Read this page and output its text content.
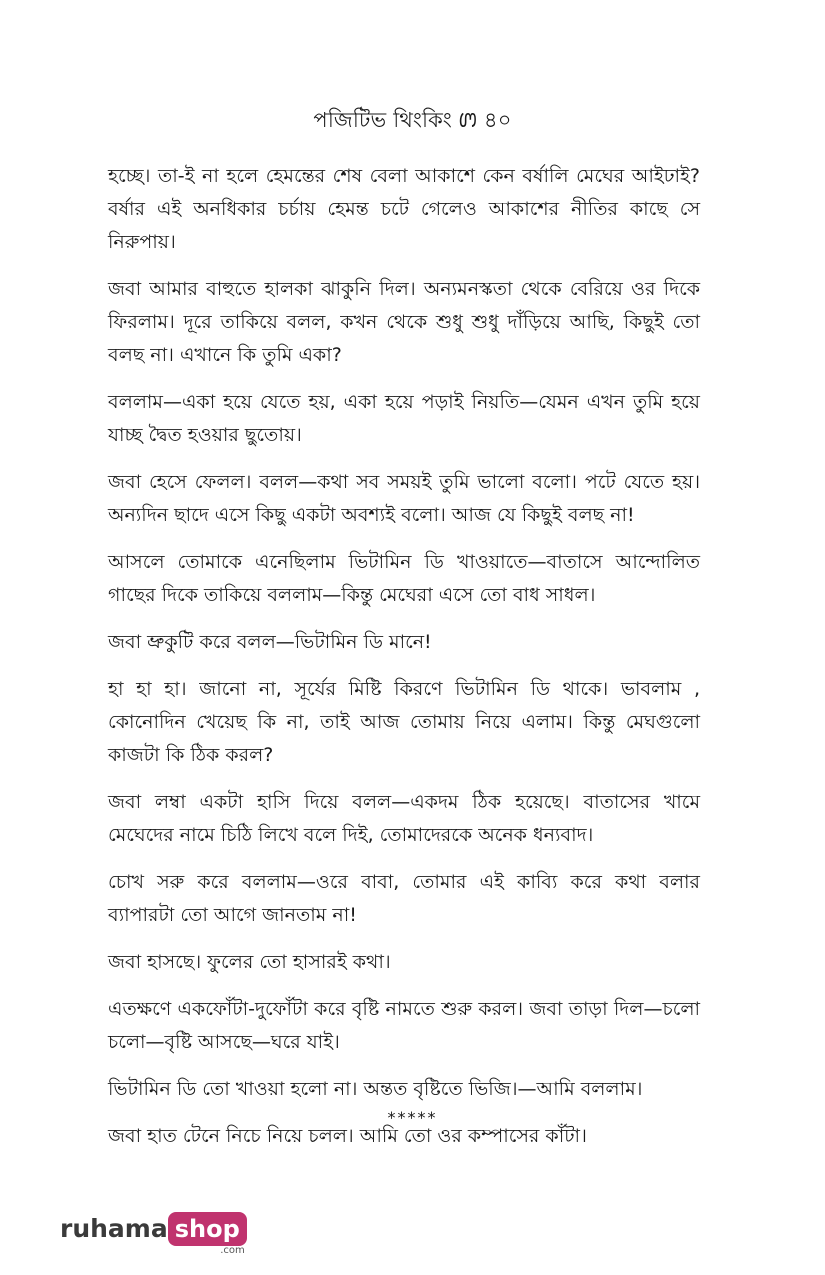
পজিটিভ থিংকিং ꢩ ৪০

হচ্ছে। তা-ই না হলে হেমন্তের শেষ বেলা আকাশে কেন বর্ষালি মেঘের আইঢাই? বর্ষার এই অনধিকার চর্চায় হেমন্ত চটে গেলেও আকাশের নীতির কাছে সে নিরুপায়।

জবা আমার বাহুতে হালকা ঝাকুনি দিল। অন্যমনস্কতা থেকে বেরিয়ে ওর দিকে ফিরলাম। দূরে তাকিয়ে বলল, কখন থেকে শুধু শুধু দাঁড়িয়ে আছি, কিছুই তো বলছ না। এখানে কি তুমি একা?

বললাম—একা হয়ে যেতে হয়, একা হয়ে পড়াই নিয়তি—যেমন এখন তুমি হয়ে যাচ্ছ দ্বৈত হওয়ার ছুতোয়।

জবা হেসে ফেলল। বলল—কথা সব সময়ই তুমি ভালো বলো। পটে যেতে হয়। অন্যদিন ছাদে এসে কিছু একটা অবশ্যই বলো। আজ যে কিছুই বলছ না!

আসলে তোমাকে এনেছিলাম ভিটামিন ডি খাওয়াতে—বাতাসে আন্দোলিত গাছের দিকে তাকিয়ে বললাম—কিন্তু মেঘেরা এসে তো বাধ সাধল।

জবা ভ্রুকুটি করে বলল—ভিটামিন ডি মানে!

হা হা হা। জানো না, সূর্যের মিষ্টি কিরণে ভিটামিন ডি থাকে। ভাবলাম , কোনোদিন খেয়েছ কি না, তাই আজ তোমায় নিয়ে এলাম। কিন্তু মেঘগুলো কাজটা কি ঠিক করল?

জবা লম্বা একটা হাসি দিয়ে বলল—একদম ঠিক হয়েছে। বাতাসের খামে মেঘেদের নামে চিঠি লিখে বলে দিই, তোমাদেরকে অনেক ধন্যবাদ।

চোখ সরু করে বললাম—ওরে বাবা, তোমার এই কাব্যি করে কথা বলার ব্যাপারটা তো আগে জানতাম না!

জবা হাসছে। ফুলের তো হাসারই কথা।

এতক্ষণে একফোঁটা-দুফোঁটা করে বৃষ্টি নামতে শুরু করল। জবা তাড়া দিল—চলো চলো—বৃষ্টি আসছে—ঘরে যাই।

ভিটামিন ডি তো খাওয়া হলো না। অন্তত বৃষ্টিতে ভিজি।—আমি বললাম।

জবা হাত টেনে নিচে নিয়ে চলল। আমি তো ওর কম্পাসের কাঁটা।

*****
ruhama shop
.com
